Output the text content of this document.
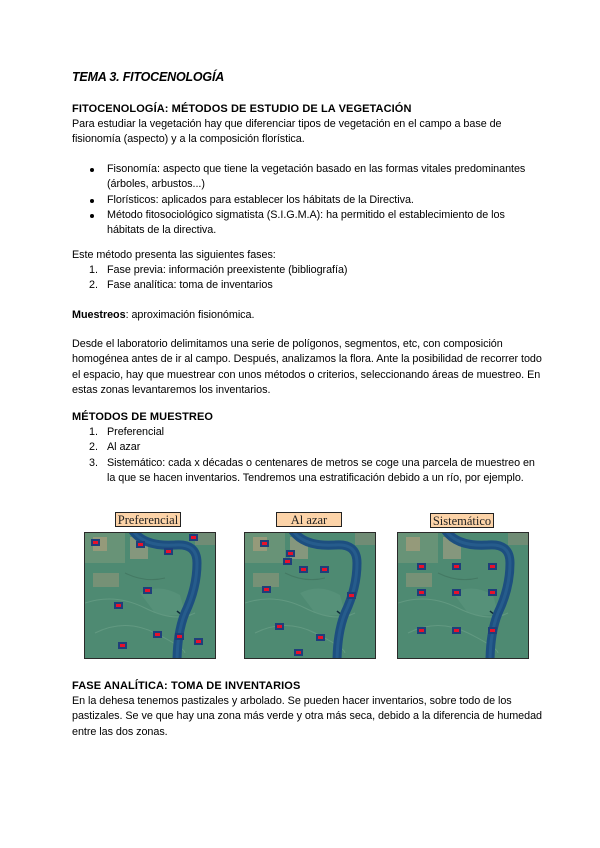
TEMA 3. FITOCENOLOGÍA
FITOCENOLOGÍA: MÉTODOS DE ESTUDIO DE LA VEGETACIÓN
Para estudiar la vegetación hay que diferenciar tipos de vegetación en el campo a base de fisionomía (aspecto) y a la composición florística.
Fisonomía: aspecto que tiene la vegetación basado en las formas vitales predominantes (árboles, arbustos...)
Florísticos: aplicados para establecer los hábitats de la Directiva.
Método fitosociológico sigmatista (S.I.G.M.A): ha permitido el establecimiento de los hábitats de la directiva.
Este método presenta las siguientes fases:
1. Fase previa: información preexistente (bibliografía)
2. Fase analítica: toma de inventarios
Muestreos: aproximación fisionómica.
Desde el laboratorio delimitamos una serie de polígonos, segmentos, etc, con composición homogénea antes de ir al campo. Después, analizamos la flora. Ante la posibilidad de recorrer todo el espacio, hay que muestrear con unos métodos o criterios, seleccionando áreas de muestreo. En estas zonas levantaremos los inventarios.
MÉTODOS DE MUESTREO
1. Preferencial
2. Al azar
3. Sistemático: cada x décadas o centenares de metros se coge una parcela de muestreo en la que se hacen inventarios. Tendremos una estratificación debido a un río, por ejemplo.
Preferencial	Al azar	Sistemático
FASE ANALÍTICA: TOMA DE INVENTARIOS
En la dehesa tenemos pastizales y arbolado. Se pueden hacer inventarios, sobre todo de los pastizales. Se ve que hay una zona más verde y otra más seca, debido a la diferencia de humedad entre las dos zonas.
